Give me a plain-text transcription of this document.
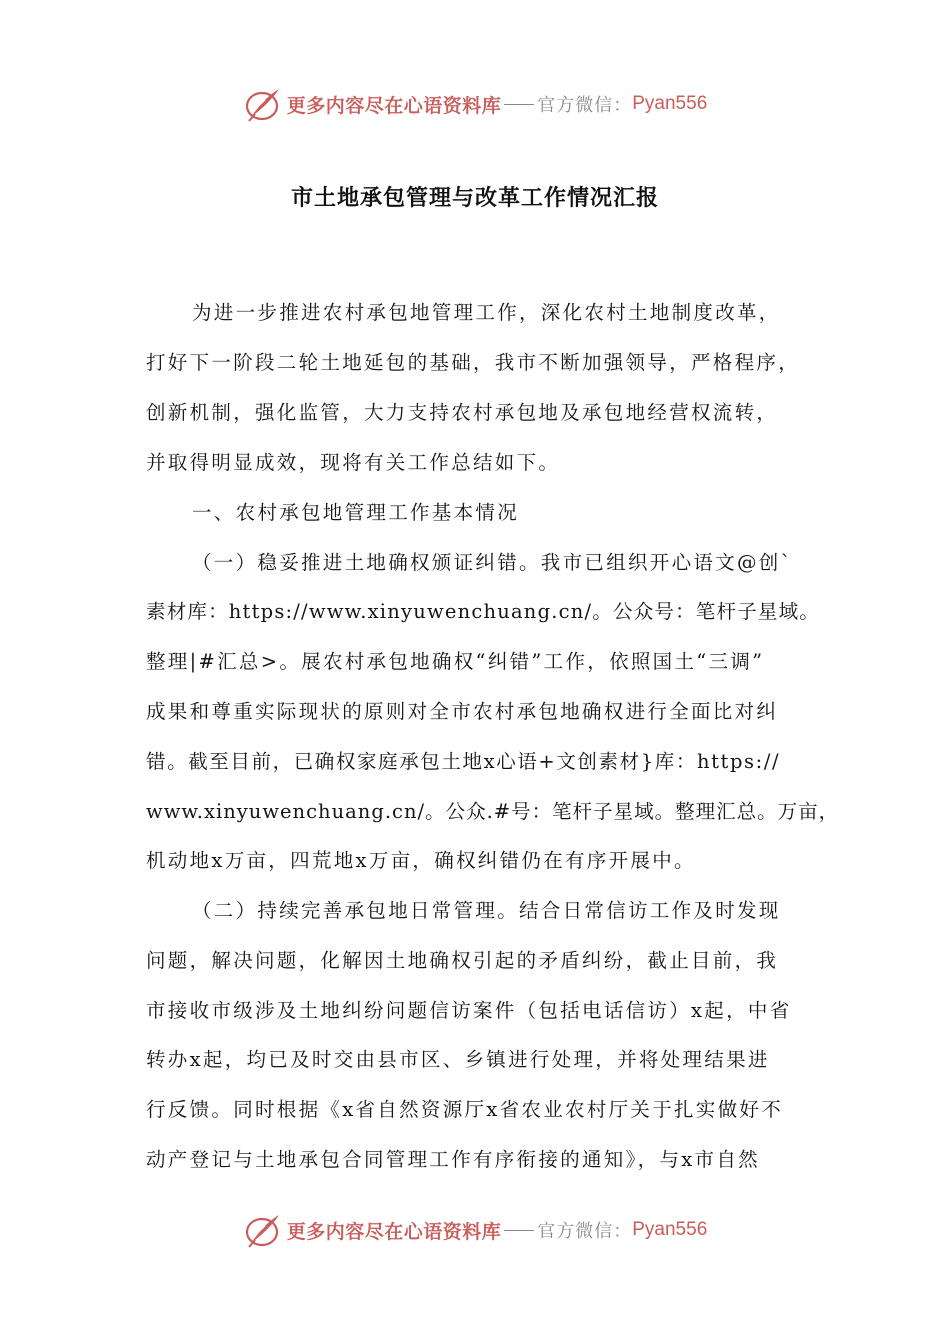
更多内容尽在心语资料库 官方微信： Pyan556
市土地承包管理与改革工作情况汇报
为进一步推进农村承包地管理工作，深化农村土地制度改革，
打好下一阶段二轮土地延包的基础，我市不断加强领导，严格程序，
创新机制，强化监管，大力支持农村承包地及承包地经营权流转，
并取得明显成效，现将有关工作总结如下。
一、农村承包地管理工作基本情况
（一）稳妥推进土地确权颁证纠错。我市已组织开心语文@创`
素材库：https://www.xinyuwenchuang.cn/。公众号：笔杆子星域。
整理|#汇总>。展农村承包地确权“纠错”工作，依照国土“三调”
成果和尊重实际现状的原则对全市农村承包地确权进行全面比对纠
错。截至目前，已确权家庭承包土地x心语+文创素材}库：https://
www.xinyuwenchuang.cn/。公众.#号：笔杆子星域。整理汇总。万亩，
机动地x万亩，四荒地x万亩，确权纠错仍在有序开展中。
（二）持续完善承包地日常管理。结合日常信访工作及时发现
问题，解决问题，化解因土地确权引起的矛盾纠纷，截止目前，我
市接收市级涉及土地纠纷问题信访案件（包括电话信访）x起，中省
转办x起，均已及时交由县市区、乡镇进行处理，并将处理结果进
行反馈。同时根据《x省自然资源厅x省农业农村厅关于扎实做好不
动产登记与土地承包合同管理工作有序衔接的通知》，与x市自然
更多内容尽在心语资料库 官方微信： Pyan556
